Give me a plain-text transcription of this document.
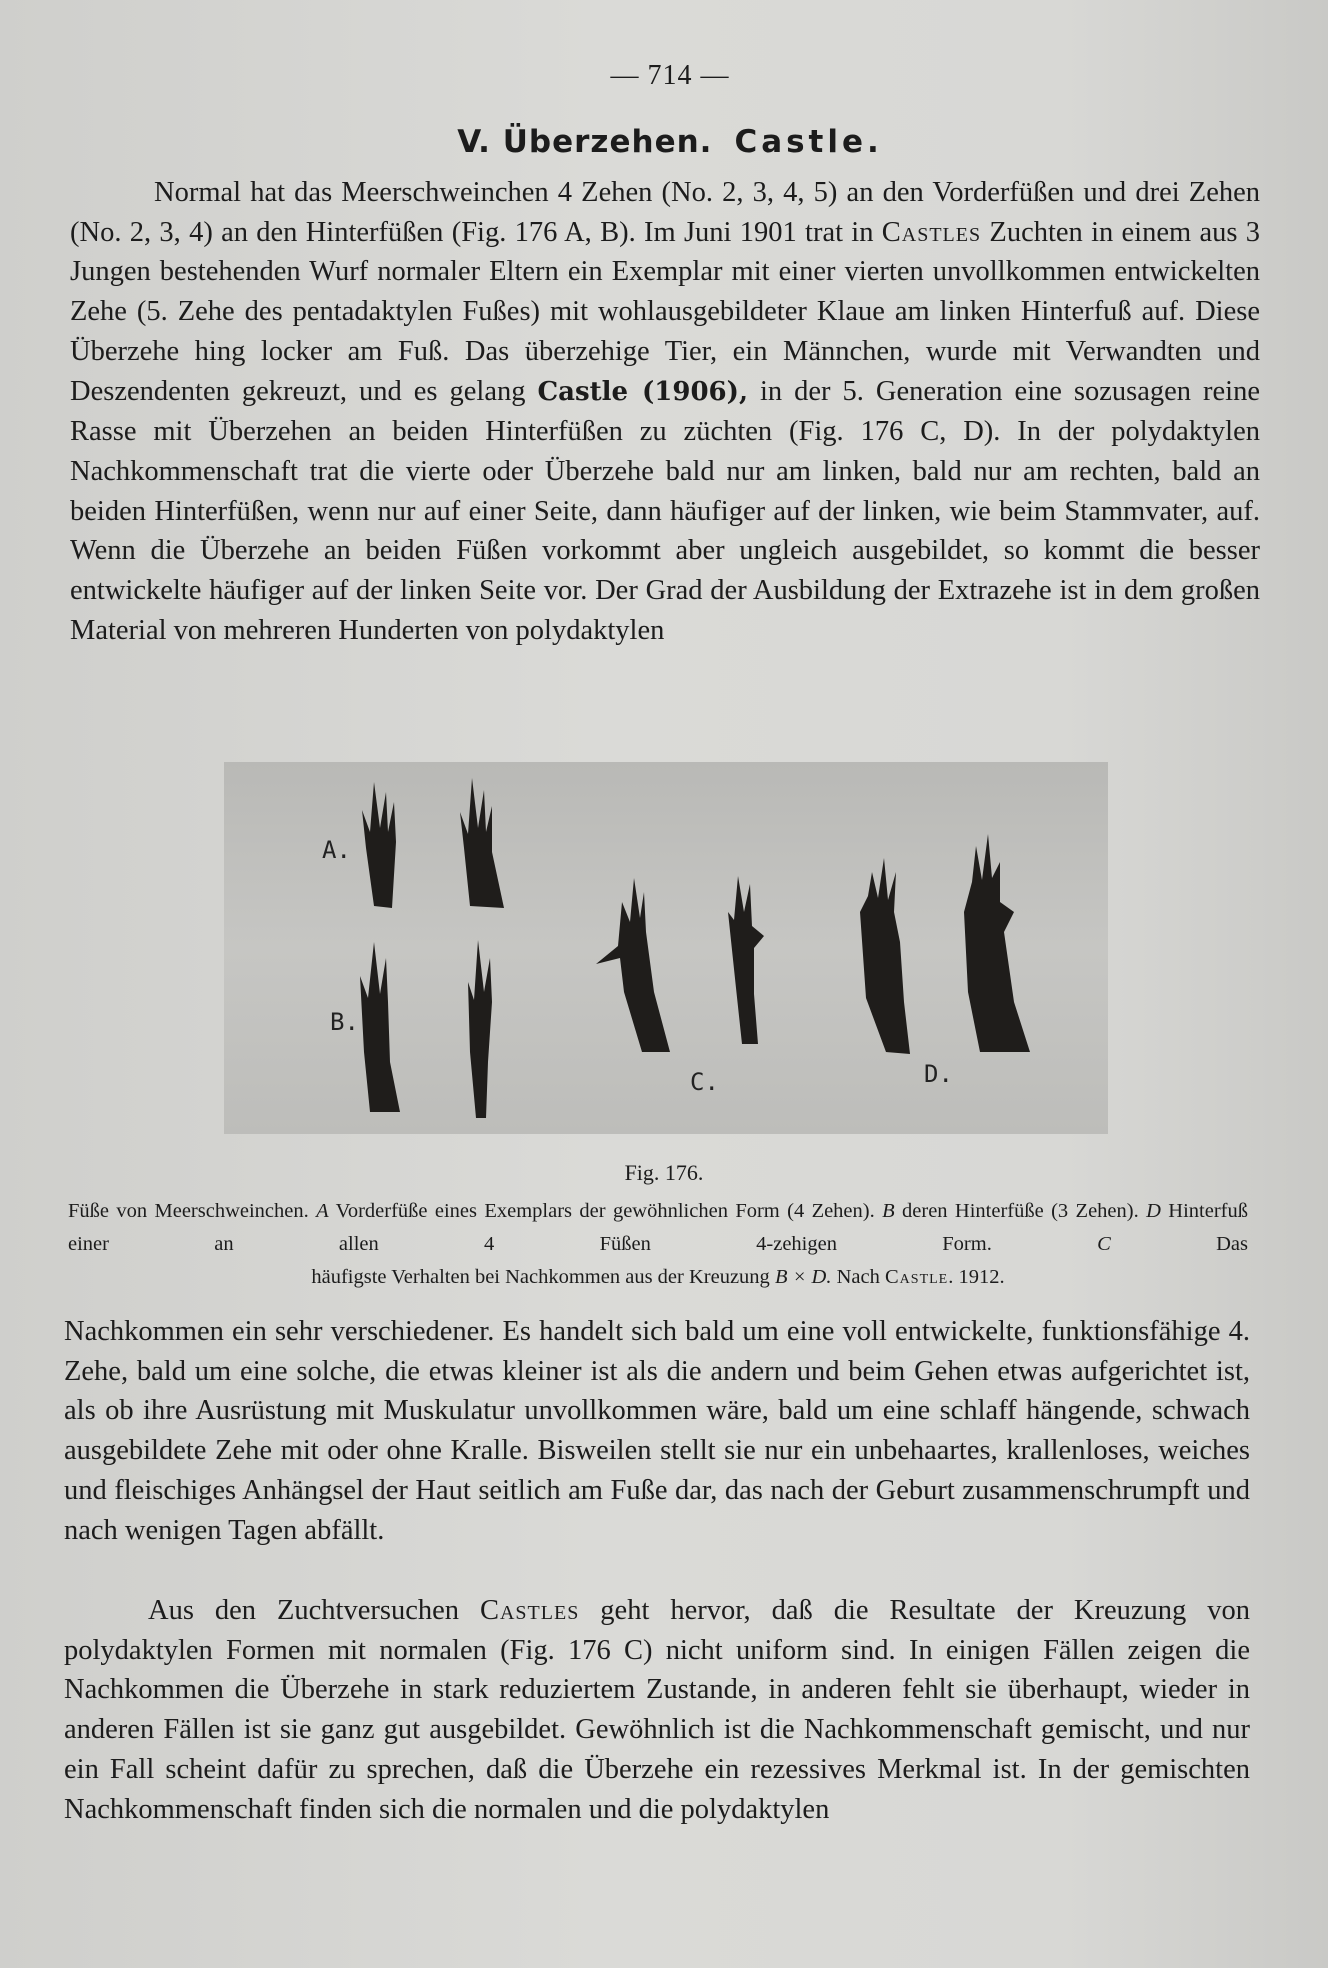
— 714 —
V. Überzehen. Castle.
Normal hat das Meerschweinchen 4 Zehen (No. 2, 3, 4, 5) an den Vorderfüßen und drei Zehen (No. 2, 3, 4) an den Hinterfüßen (Fig. 176 A, B). Im Juni 1901 trat in Castles Zuchten in einem aus 3 Jungen bestehenden Wurf normaler Eltern ein Exemplar mit einer vierten unvollkommen entwickelten Zehe (5. Zehe des pentadaktylen Fußes) mit wohlausgebildeter Klaue am linken Hinterfuß auf. Diese Überzehe hing locker am Fuß. Das überzehige Tier, ein Männchen, wurde mit Verwandten und Deszendenten gekreuzt, und es gelang Castle (1906), in der 5. Generation eine sozusagen reine Rasse mit Überzehen an beiden Hinterfüßen zu züchten (Fig. 176 C, D). In der polydaktylen Nachkommenschaft trat die vierte oder Überzehe bald nur am linken, bald nur am rechten, bald an beiden Hinterfüßen, wenn nur auf einer Seite, dann häufiger auf der linken, wie beim Stammvater, auf. Wenn die Überzehe an beiden Füßen vorkommt aber ungleich ausgebildet, so kommt die besser entwickelte häufiger auf der linken Seite vor. Der Grad der Ausbildung der Extrazehe ist in dem großen Material von mehreren Hunderten von polydaktylen
A.
B.
C.	D.
Fig. 176.
Füße von Meerschweinchen. A Vorderfüße eines Exemplars der gewöhnlichen Form (4 Zehen). B deren Hinterfüße (3 Zehen). D Hinterfuß einer an allen 4 Füßen 4-zehigen Form. C Das
häufigste Verhalten bei Nachkommen aus der Kreuzung B × D. Nach Castle. 1912.
Nachkommen ein sehr verschiedener. Es handelt sich bald um eine voll entwickelte, funktionsfähige 4. Zehe, bald um eine solche, die etwas kleiner ist als die andern und beim Gehen etwas aufgerichtet ist, als ob ihre Ausrüstung mit Muskulatur unvollkommen wäre, bald um eine schlaff hängende, schwach ausgebildete Zehe mit oder ohne Kralle. Bisweilen stellt sie nur ein unbehaartes, krallenloses, weiches und fleischiges Anhängsel der Haut seitlich am Fuße dar, das nach der Geburt zusammenschrumpft und nach wenigen Tagen abfällt.
Aus den Zuchtversuchen Castles geht hervor, daß die Resultate der Kreuzung von polydaktylen Formen mit normalen (Fig. 176 C) nicht uniform sind. In einigen Fällen zeigen die Nachkommen die Überzehe in stark reduziertem Zustande, in anderen fehlt sie überhaupt, wieder in anderen Fällen ist sie ganz gut ausgebildet. Gewöhnlich ist die Nachkommenschaft gemischt, und nur ein Fall scheint dafür zu sprechen, daß die Überzehe ein rezessives Merkmal ist. In der gemischten Nachkommenschaft finden sich die normalen und die polydaktylen
